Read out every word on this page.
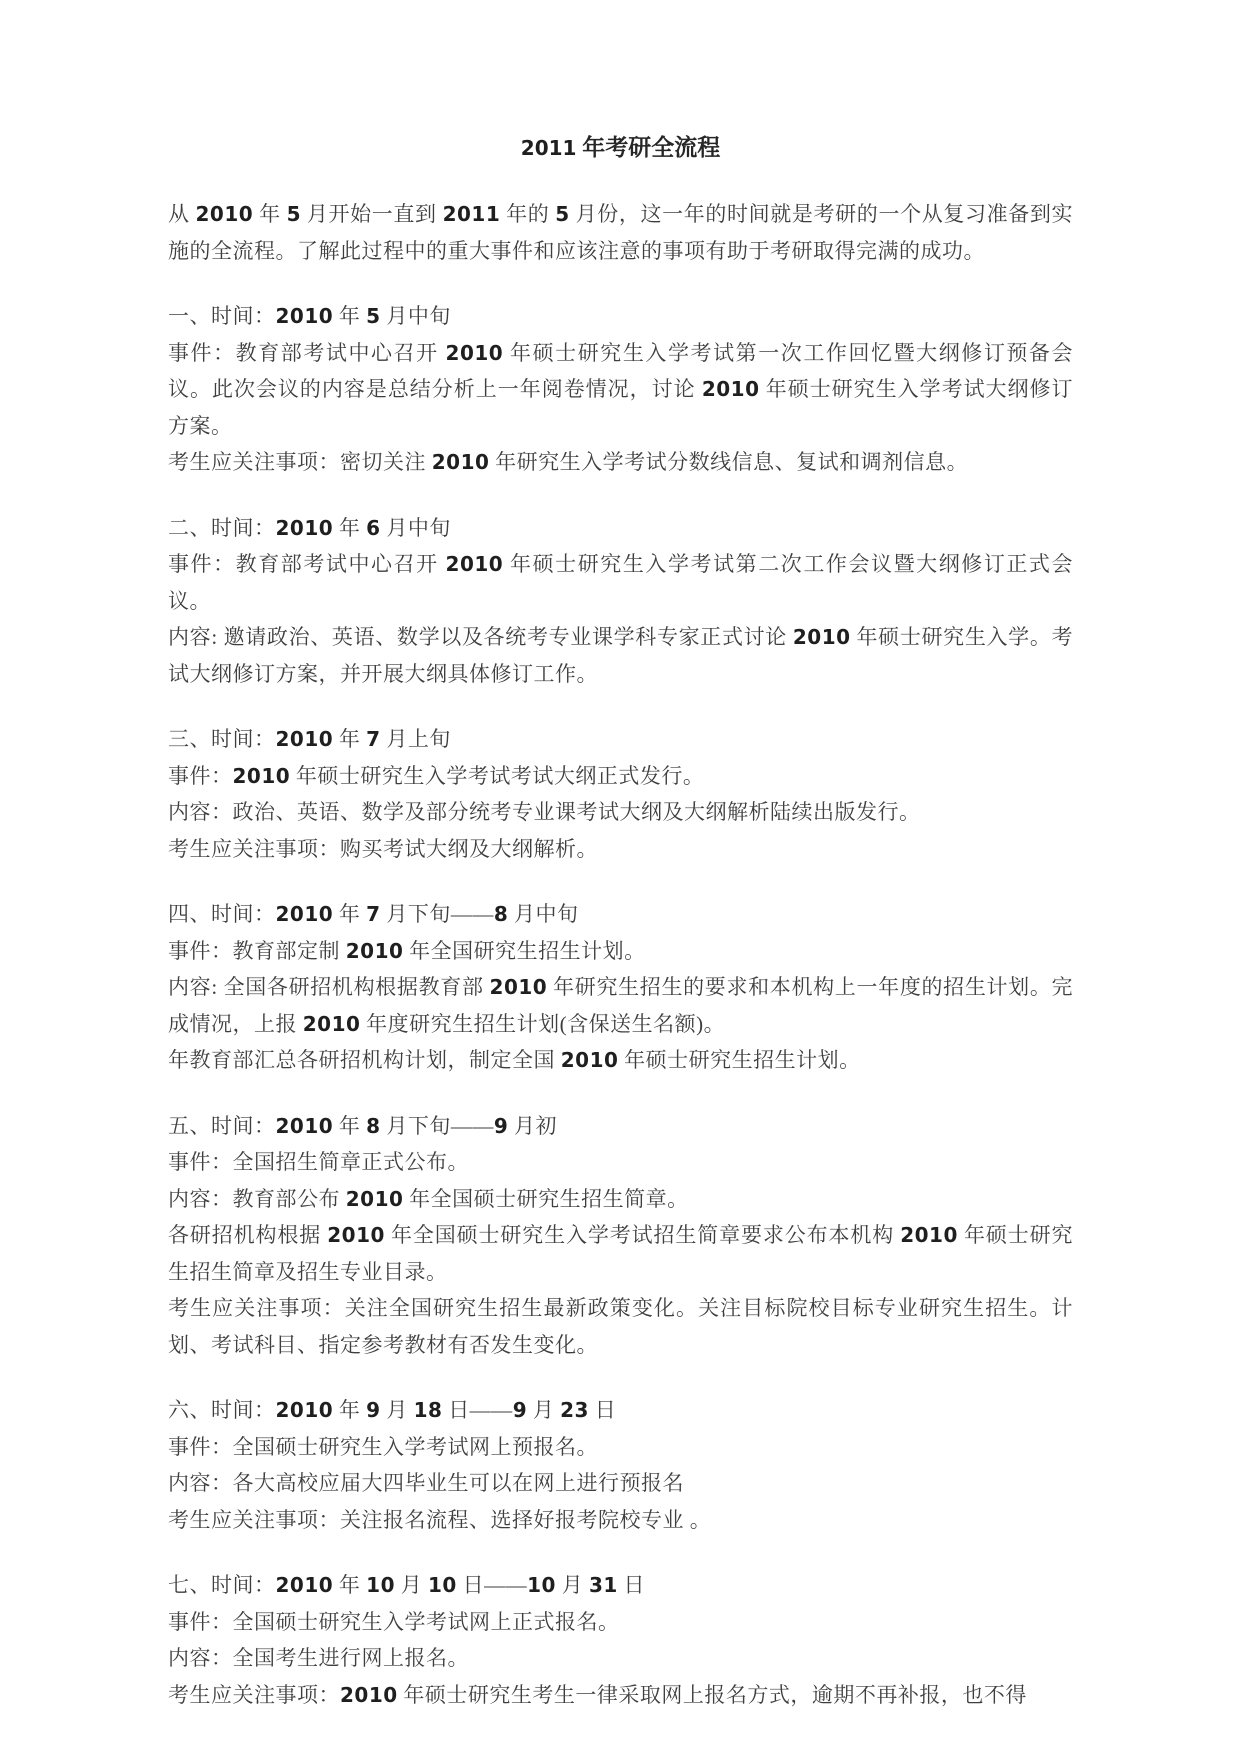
2011 年考研全流程

从 2010 年 5 月开始一直到 2011 年的 5 月份，这一年的时间就是考研的一个从复习准备到实施的全流程。了解此过程中的重大事件和应该注意的事项有助于考研取得完满的成功。

一、时间：2010 年 5 月中旬

事件：教育部考试中心召开 2010 年硕士研究生入学考试第一次工作回忆暨大纲修订预备会议。此次会议的内容是总结分析上一年阅卷情况，讨论 2010 年硕士研究生入学考试大纲修订方案。

考生应关注事项：密切关注 2010 年研究生入学考试分数线信息、复试和调剂信息。

二、时间：2010 年 6 月中旬

事件：教育部考试中心召开 2010 年硕士研究生入学考试第二次工作会议暨大纲修订正式会议。

内容: 邀请政治、英语、数学以及各统考专业课学科专家正式讨论 2010 年硕士研究生入学。考试大纲修订方案，并开展大纲具体修订工作。

三、时间：2010 年 7 月上旬

事件：2010 年硕士研究生入学考试考试大纲正式发行。

内容：政治、英语、数学及部分统考专业课考试大纲及大纲解析陆续出版发行。

考生应关注事项：购买考试大纲及大纲解析。

四、时间：2010 年 7 月下旬——8 月中旬

事件：教育部定制 2010 年全国研究生招生计划。

内容: 全国各研招机构根据教育部 2010 年研究生招生的要求和本机构上一年度的招生计划。完成情况，上报 2010 年度研究生招生计划(含保送生名额)。

年教育部汇总各研招机构计划，制定全国 2010 年硕士研究生招生计划。

五、时间：2010 年 8 月下旬——9 月初

事件：全国招生简章正式公布。

内容：教育部公布 2010 年全国硕士研究生招生简章。

各研招机构根据 2010 年全国硕士研究生入学考试招生简章要求公布本机构 2010 年硕士研究生招生简章及招生专业目录。

考生应关注事项：关注全国研究生招生最新政策变化。关注目标院校目标专业研究生招生。计划、考试科目、指定参考教材有否发生变化。

六、时间：2010 年 9 月 18 日——9 月 23 日

事件：全国硕士研究生入学考试网上预报名。

内容：各大高校应届大四毕业生可以在网上进行预报名

考生应关注事项：关注报名流程、选择好报考院校专业 。

七、时间：2010 年 10 月 10 日——10 月 31 日

事件：全国硕士研究生入学考试网上正式报名。

内容：全国考生进行网上报名。

考生应关注事项：2010 年硕士研究生考生一律采取网上报名方式，逾期不再补报，也不得
